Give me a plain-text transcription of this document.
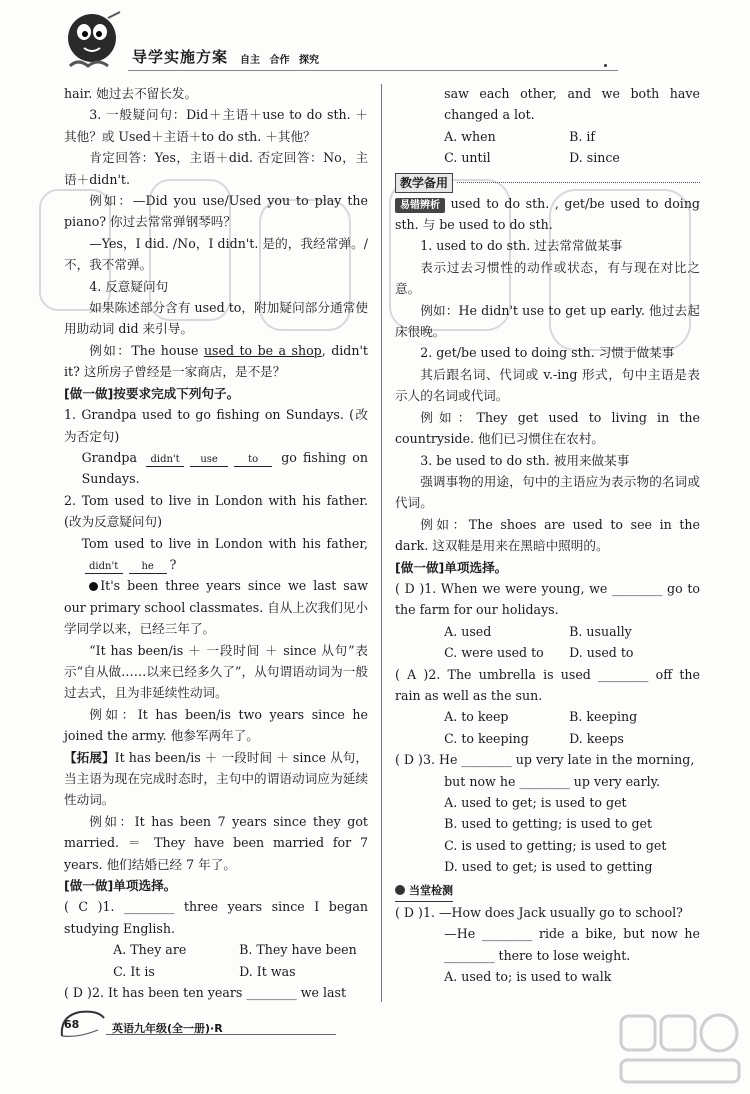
导学实施方案 自主 合作 探究

hair. 她过去不留长发。

3. 一般疑问句：Did＋主语＋use to do sth. ＋其他？或 Used＋主语＋to do sth. ＋其他？

肯定回答：Yes，主语＋did. 否定回答：No，主语＋didn't.

例如：—Did you use/Used you to play the piano? 你过去常常弹钢琴吗？

—Yes，I did. /No，I didn't. 是的，我经常弹。/不，我不常弹。

4. 反意疑问句

如果陈述部分含有 used to，附加疑问部分通常使用助动词 did 来引导。

例如：The house used to be a shop, didn't it? 这所房子曾经是一家商店，是不是？

[做一做]按要求完成下列句子。

1. Grandpa used to go fishing on Sundays. (改为否定句)

Grandpa didn't use	to go fishing on Sundays.

2. Tom used to live in London with his father. (改为反意疑问句)

Tom used to live in London with his father, didn't he ?

It's been three years since we last saw our primary school classmates. 自从上次我们见小学同学以来，已经三年了。

“It has been/is ＋ 一段时间 ＋ since 从句”表示“自从做……以来已经多久了”，从句谓语动词为一般过去式，且为非延续性动词。

例如：It has been/is two years since he joined the army. 他参军两年了。

【拓展】It has been/is ＋ 一段时间 ＋ since 从句，当主语为现在完成时态时，主句中的谓语动词应为延续性动词。

例如：It has been 7 years since they got married. ＝ They have been married for 7 years. 他们结婚已经 7 年了。

[做一做]单项选择。

( C )1. ________ three years since I began studying English.

A. They are	B. They have been
C. It is	D. It was

( D )2. It has been ten years ________ we last

saw each other, and we both have changed a lot.

A. when	B. if
C. until	D. since
教学备用

易错辨析 used to do sth. , get/be used to doing sth. 与 be used to do sth.

1. used to do sth. 过去常常做某事

表示过去习惯性的动作或状态，有与现在对比之意。

例如：He didn't use to get up early. 他过去起床很晚。

2. get/be used to doing sth. 习惯于做某事

其后跟名词、代词或 v.-ing 形式，句中主语是表示人的名词或代词。

例如：They get used to living in the countryside. 他们已习惯住在农村。

3. be used to do sth. 被用来做某事

强调事物的用途，句中的主语应为表示物的名词或代词。

例如：The shoes are used to see in the dark. 这双鞋是用来在黑暗中照明的。

[做一做]单项选择。

( D )1. When we were young, we ________ go to the farm for our holidays.

A. used	B. usually
C. were used to	D. used to

( A )2. The umbrella is used ________ off the rain as well as the sun.

A. to keep	B. keeping
C. to keeping	D. keeps

( D )3. He ________ up very late in the morning,

but now he ________ up very early.

A. used to get; is used to get

B. used to getting; is used to get

C. is used to getting; is used to get

D. used to get; is used to getting

当堂检测

( D )1. —How does Jack usually go to school?

—He ________ ride a bike, but now he ________ there to lose weight.

A. used to; is used to walk

68	英语九年级(全一册)·R
